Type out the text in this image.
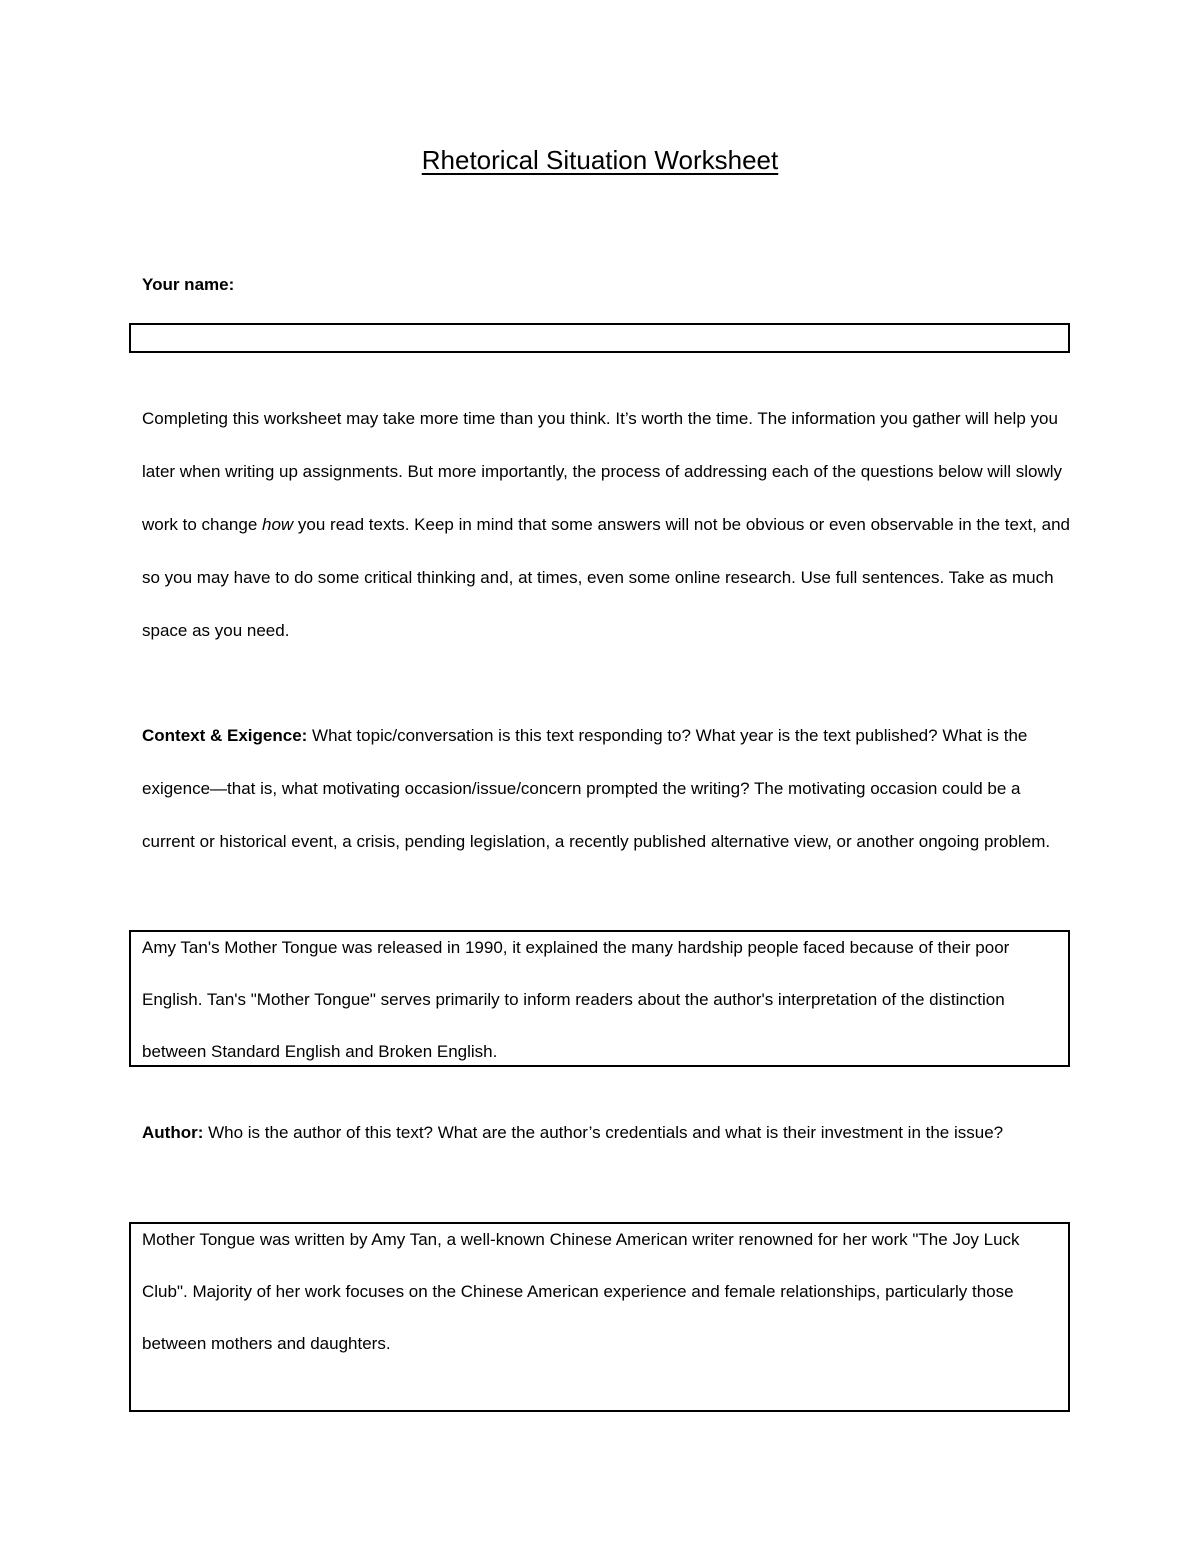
Rhetorical Situation Worksheet
Your name:

Completing this worksheet may take more time than you think. It’s worth the time. The information you gather will help you later when writing up assignments. But more importantly, the process of addressing each of the questions below will slowly work to change how you read texts. Keep in mind that some answers will not be obvious or even observable in the text, and so you may have to do some critical thinking and, at times, even some online research. Use full sentences. Take as much space as you need.

Context & Exigence: What topic/conversation is this text responding to? What year is the text published? What is the exigence—that is, what motivating occasion/issue/concern prompted the writing? The motivating occasion could be a current or historical event, a crisis, pending legislation, a recently published alternative view, or another ongoing problem.

Amy Tan's Mother Tongue was released in 1990, it explained the many hardship people faced because of their poor English. Tan's "Mother Tongue" serves primarily to inform readers about the author's interpretation of the distinction between Standard English and Broken English.

Author: Who is the author of this text? What are the author’s credentials and what is their investment in the issue?

Mother Tongue was written by Amy Tan, a well-known Chinese American writer renowned for her work "The Joy Luck Club". Majority of her work focuses on the Chinese American experience and female relationships, particularly those between mothers and daughters.
